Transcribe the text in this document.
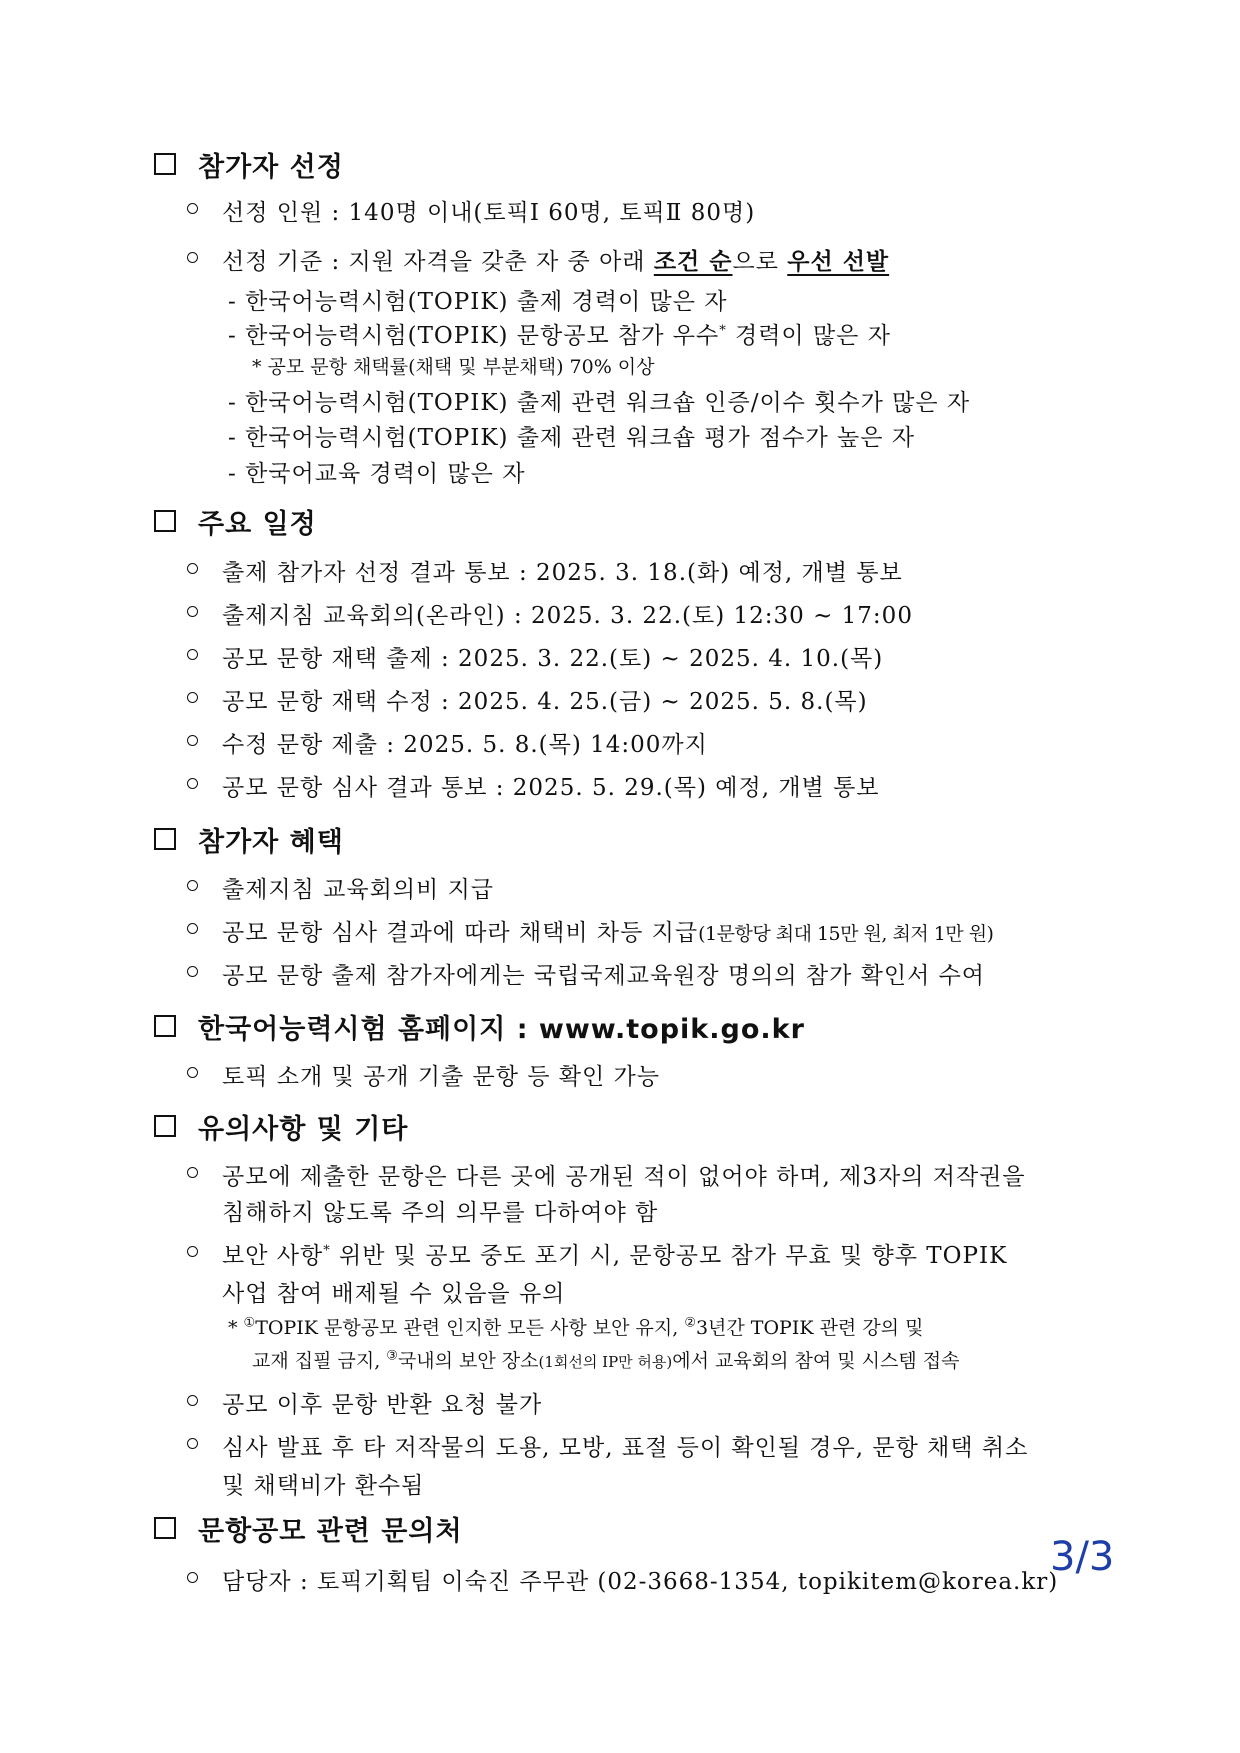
참가자 선정
선정 인원 : 140명 이내(토픽Ⅰ 60명, 토픽Ⅱ 80명)
선정 기준 : 지원 자격을 갖춘 자 중 아래 조건 순으로 우선 선발
- 한국어능력시험(TOPIK) 출제 경력이 많은 자
- 한국어능력시험(TOPIK) 문항공모 참가 우수* 경력이 많은 자
* 공모 문항 채택률(채택 및 부분채택) 70% 이상
- 한국어능력시험(TOPIK) 출제 관련 워크숍 인증/이수 횟수가 많은 자
- 한국어능력시험(TOPIK) 출제 관련 워크숍 평가 점수가 높은 자
- 한국어교육 경력이 많은 자
주요 일정
출제 참가자 선정 결과 통보 : 2025. 3. 18.(화) 예정, 개별 통보
출제지침 교육회의(온라인) : 2025. 3. 22.(토) 12:30 ~ 17:00
공모 문항 재택 출제 : 2025. 3. 22.(토) ~ 2025. 4. 10.(목)
공모 문항 재택 수정 : 2025. 4. 25.(금) ~ 2025. 5. 8.(목)
수정 문항 제출 : 2025. 5. 8.(목) 14:00까지
공모 문항 심사 결과 통보 : 2025. 5. 29.(목) 예정, 개별 통보
참가자 혜택
출제지침 교육회의비 지급
공모 문항 심사 결과에 따라 채택비 차등 지급(1문항당 최대 15만 원, 최저 1만 원)
공모 문항 출제 참가자에게는 국립국제교육원장 명의의 참가 확인서 수여
한국어능력시험 홈페이지 : www.topik.go.kr
토픽 소개 및 공개 기출 문항 등 확인 가능
유의사항 및 기타
공모에 제출한 문항은 다른 곳에 공개된 적이 없어야 하며, 제3자의 저작권을
침해하지 않도록 주의 의무를 다하여야 함
보안 사항* 위반 및 공모 중도 포기 시, 문항공모 참가 무효 및 향후 TOPIK
사업 참여 배제될 수 있음을 유의
* ①TOPIK 문항공모 관련 인지한 모든 사항 보안 유지, ②3년간 TOPIK 관련 강의 및
교재 집필 금지, ③국내의 보안 장소(1회선의 IP만 허용)에서 교육회의 참여 및 시스템 접속
공모 이후 문항 반환 요청 불가
심사 발표 후 타 저작물의 도용, 모방, 표절 등이 확인될 경우, 문항 채택 취소
및 채택비가 환수됨
문항공모 관련 문의처
담당자 : 토픽기획팀 이숙진 주무관 (02-3668-1354, topikitem@korea.kr)
3/3
